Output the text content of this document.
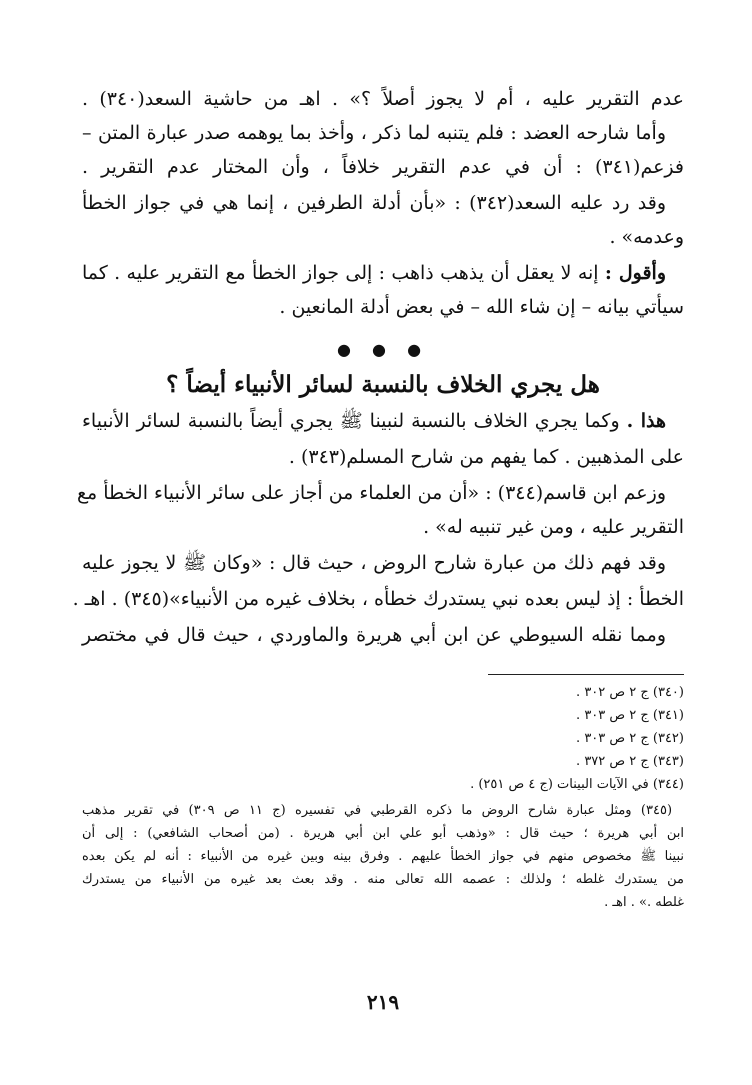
عدم التقرير عليه ، أم لا يجوز أصلاً ؟» . اهـ من حاشية السعد(٣٤٠) .
وأما شارحه العضد : فلم يتنبه لما ذكر ، وأخذ بما يوهمه صدر عبارة المتن –
فزعم(٣٤١) : أن في عدم التقرير خلافاً ، وأن المختار عدم التقرير .
وقد رد عليه السعد(٣٤٢) : «بأن أدلة الطرفين ، إنما هي في جواز الخطأ
وعدمه» .
وأقول : إنه لا يعقل أن يذهب ذاهب : إلى جواز الخطأ مع التقرير عليه . كما
سيأتي بيانه – إن شاء الله – في بعض أدلة المانعين .
● ● ●
هل يجري الخلاف بالنسبة لسائر الأنبياء أيضاً ؟
هذا . وكما يجري الخلاف بالنسبة لنبينا ﷺ يجري أيضاً بالنسبة لسائر الأنبياء
على المذهبين . كما يفهم من شارح المسلم(٣٤٣) .
وزعم ابن قاسم(٣٤٤) : «أن من العلماء من أجاز على سائر الأنبياء الخطأ مع
التقرير عليه ، ومن غير تنبيه له» .
وقد فهم ذلك من عبارة شارح الروض ، حيث قال : «وكان ﷺ لا يجوز عليه
الخطأ : إذ ليس بعده نبي يستدرك خطأه ، بخلاف غيره من الأنبياء»(٣٤٥) . اهـ .
ومما نقله السيوطي عن ابن أبي هريرة والماوردي ، حيث قال في مختصر
(٣٤٠) ج ٢ ص ٣٠٢ .
(٣٤١) ج ٢ ص ٣٠٣ .
(٣٤٢) ج ٢ ص ٣٠٣ .
(٣٤٣) ج ٢ ص ٣٧٢ .
(٣٤٤) في الآيات البينات (ج ٤ ص ٢٥١) .
(٣٤٥) ومثل عبارة شارح الروض ما ذكره القرطبي في تفسيره (ج ١١ ص ٣٠٩) في تقرير مذهب
ابن أبي هريرة ؛ حيث قال : «وذهب أبو علي ابن أبي هريرة . (من أصحاب الشافعي) : إلى أن
نبينا ﷺ مخصوص منهم في جواز الخطأ عليهم . وفرق بينه وبين غيره من الأنبياء : أنه لم يكن بعده
من يستدرك غلطه ؛ ولذلك : عصمه الله تعالى منه . وقد بعث بعد غيره من الأنبياء من يستدرك
غلطه .» . اهـ .
٢١٩
